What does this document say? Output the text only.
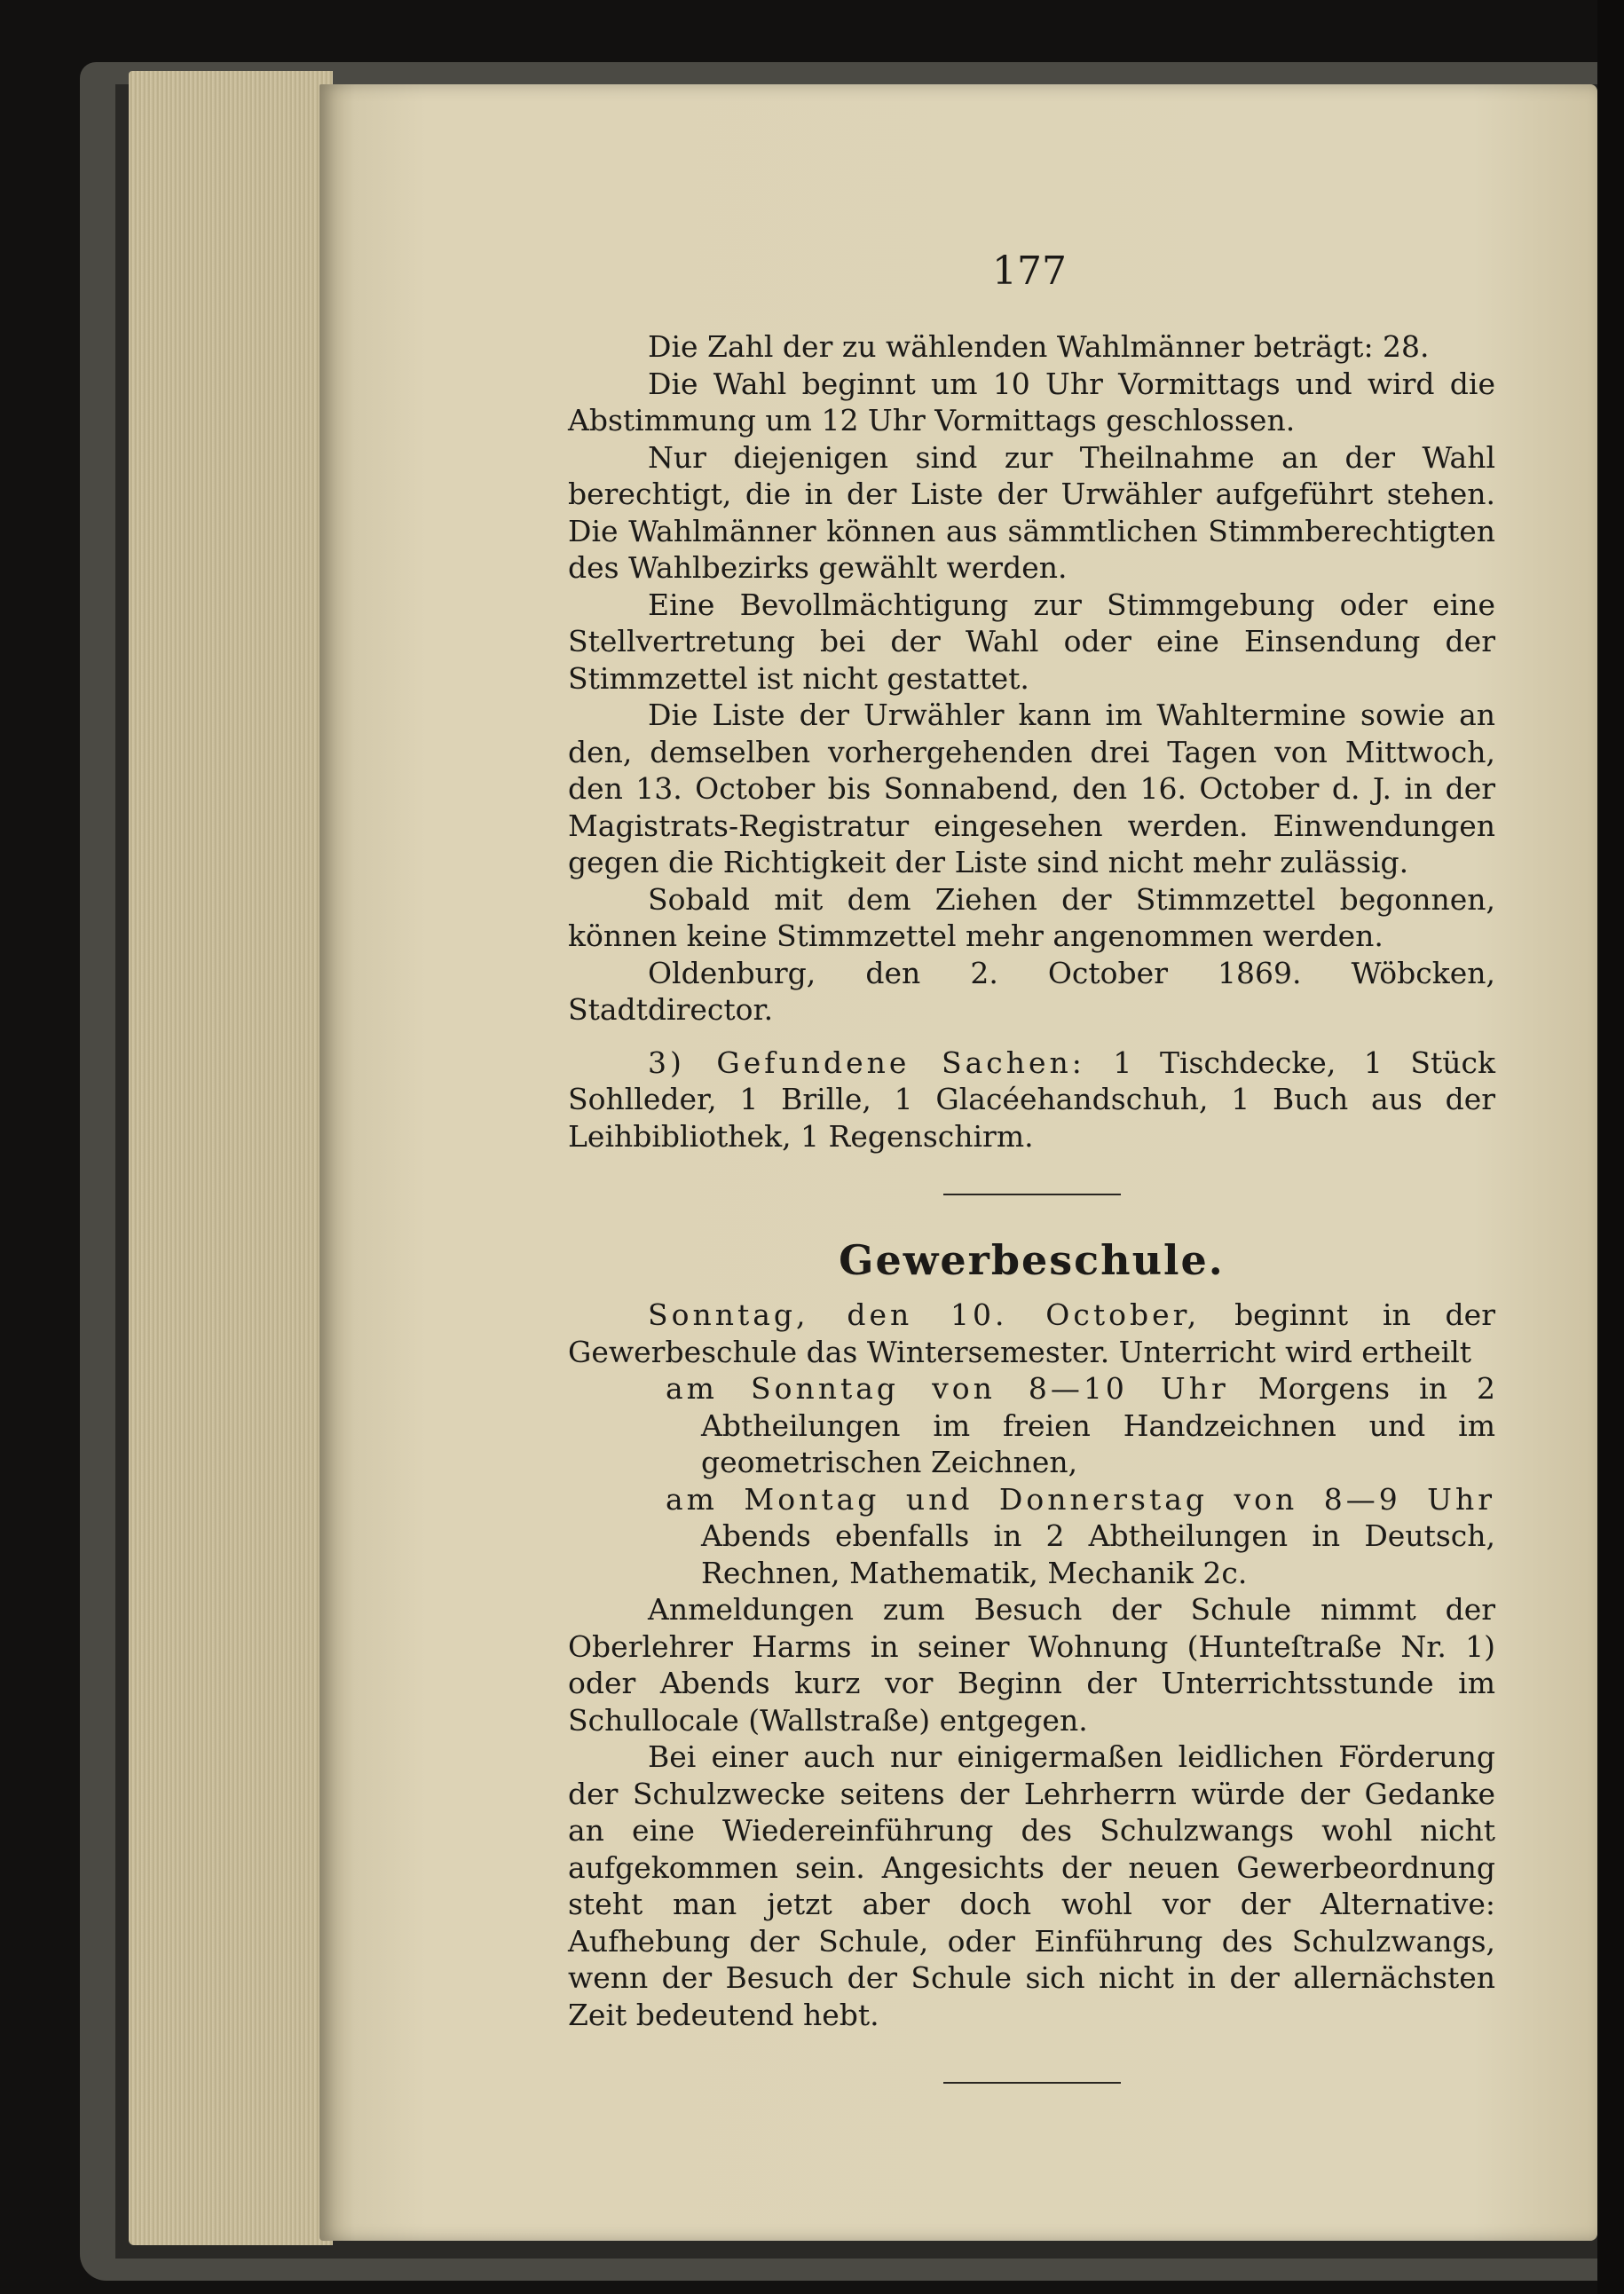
177

Die Zahl der zu wählenden Wahlmänner beträgt: 28.

Die Wahl beginnt um 10 Uhr Vormittags und wird die Abstimmung um 12 Uhr Vormittags geschlossen.

Nur diejenigen sind zur Theilnahme an der Wahl berechtigt, die in der Liste der Urwähler aufgeführt stehen. Die Wahlmänner können aus sämmtlichen Stimmberechtigten des Wahlbezirks gewählt werden.

Eine Bevollmächtigung zur Stimmgebung oder eine Stellvertretung bei der Wahl oder eine Einsendung der Stimmzettel ist nicht gestattet.

Die Liste der Urwähler kann im Wahltermine sowie an den, demselben vorhergehenden drei Tagen von Mittwoch, den 13. October bis Sonnabend, den 16. October d. J. in der Magistrats-Registratur eingesehen werden. Einwendungen gegen die Richtigkeit der Liste sind nicht mehr zulässig.

Sobald mit dem Ziehen der Stimmzettel begonnen, können keine Stimmzettel mehr angenommen werden.

Oldenburg, den 2. October 1869. Wöbcken, Stadtdirector.

3) Gefundene Sachen: 1 Tischdecke, 1 Stück Sohlleder, 1 Brille, 1 Glacéehandschuh, 1 Buch aus der Leihbibliothek, 1 Regenschirm.

Gewerbeschule.

Sonntag, den 10. October, beginnt in der Gewerbeschule das Wintersemester. Unterricht wird ertheilt

am Sonntag von 8—10 Uhr Morgens in 2 Abtheilungen im freien Handzeichnen und im geometrischen Zeichnen,

am Montag und Donnerstag von 8—9 Uhr Abends ebenfalls in 2 Abtheilungen in Deutsch, Rechnen, Mathematik, Mechanik 2c.

Anmeldungen zum Besuch der Schule nimmt der Oberlehrer Harms in seiner Wohnung (Hunteſtraße Nr. 1) oder Abends kurz vor Beginn der Unterrichtsstunde im Schullocale (Wallstraße) entgegen.

Bei einer auch nur einigermaßen leidlichen Förderung der Schulzwecke seitens der Lehrherrn würde der Gedanke an eine Wiedereinführung des Schulzwangs wohl nicht aufgekommen sein. Angesichts der neuen Gewerbeordnung steht man jetzt aber doch wohl vor der Alternative: Aufhebung der Schule, oder Einführung des Schulzwangs, wenn der Besuch der Schule sich nicht in der allernächsten Zeit bedeutend hebt.
